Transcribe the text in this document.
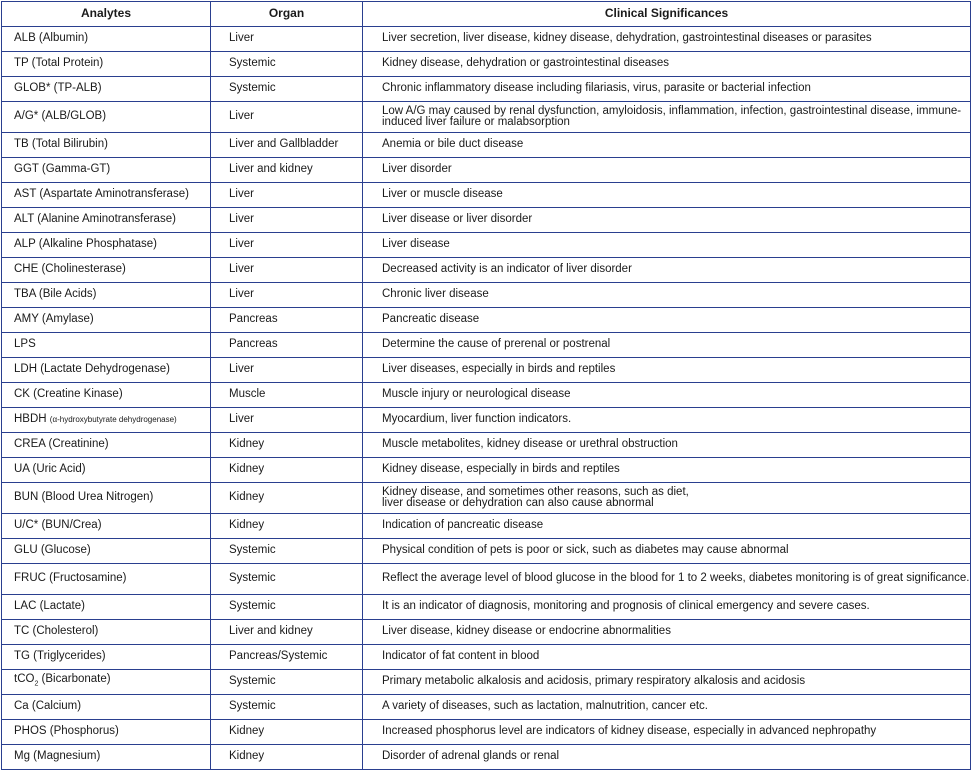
Analytes	Organ	Clinical Significances
ALB (Albumin)	Liver	Liver secretion, liver disease, kidney disease, dehydration, gastrointestinal diseases or parasites
TP (Total Protein)	Systemic	Kidney disease, dehydration or gastrointestinal diseases
GLOB* (TP-ALB)	Systemic	Chronic inflammatory disease including filariasis, virus, parasite or bacterial infection
A/G* (ALB/GLOB)	Liver	Low A/G may caused by renal dysfunction, amyloidosis, inflammation, infection, gastrointestinal disease, immune-induced liver failure or malabsorption
TB (Total Bilirubin)	Liver and Gallbladder	Anemia or bile duct disease
GGT (Gamma-GT)	Liver and kidney	Liver disorder
AST (Aspartate Aminotransferase)	Liver	Liver or muscle disease
ALT (Alanine Aminotransferase)	Liver	Liver disease or liver disorder
ALP (Alkaline Phosphatase)	Liver	Liver disease
CHE (Cholinesterase)	Liver	Decreased activity is an indicator of liver disorder
TBA (Bile Acids)	Liver	Chronic liver disease
AMY (Amylase)	Pancreas	Pancreatic disease
LPS	Pancreas	Determine the cause of prerenal or postrenal
LDH (Lactate Dehydrogenase)	Liver	Liver diseases, especially in birds and reptiles
CK (Creatine Kinase)	Muscle	Muscle injury or neurological disease
HBDH (α-hydroxybutyrate dehydrogenase)	Liver	Myocardium, liver function indicators.
CREA (Creatinine)	Kidney	Muscle metabolites, kidney disease or urethral obstruction
UA (Uric Acid)	Kidney	Kidney disease, especially in birds and reptiles
BUN (Blood Urea Nitrogen)	Kidney	Kidney disease, and sometimes other reasons, such as diet,
liver disease or dehydration can also cause abnormal

U/C* (BUN/Crea)	Kidney	Indication of pancreatic disease
GLU (Glucose)	Systemic	Physical condition of pets is poor or sick, such as diabetes may cause abnormal
FRUC (Fructosamine)	Systemic	Reflect the average level of blood glucose in the blood for 1 to 2 weeks, diabetes monitoring is of great significance.
LAC (Lactate)	Systemic	It is an indicator of diagnosis, monitoring and prognosis of clinical emergency and severe cases.
TC (Cholesterol)	Liver and kidney	Liver disease, kidney disease or endocrine abnormalities
TG (Triglycerides)	Pancreas/Systemic	Indicator of fat content in blood
tCO$_2$ (Bicarbonate)	Systemic	Primary metabolic alkalosis and acidosis, primary respiratory alkalosis and acidosis
Ca (Calcium)	Systemic	A variety of diseases, such as lactation, malnutrition, cancer etc.
PHOS (Phosphorus)	Kidney	Increased phosphorus level are indicators of kidney disease, especially in advanced nephropathy
Mg (Magnesium)	Kidney	Disorder of adrenal glands or renal
